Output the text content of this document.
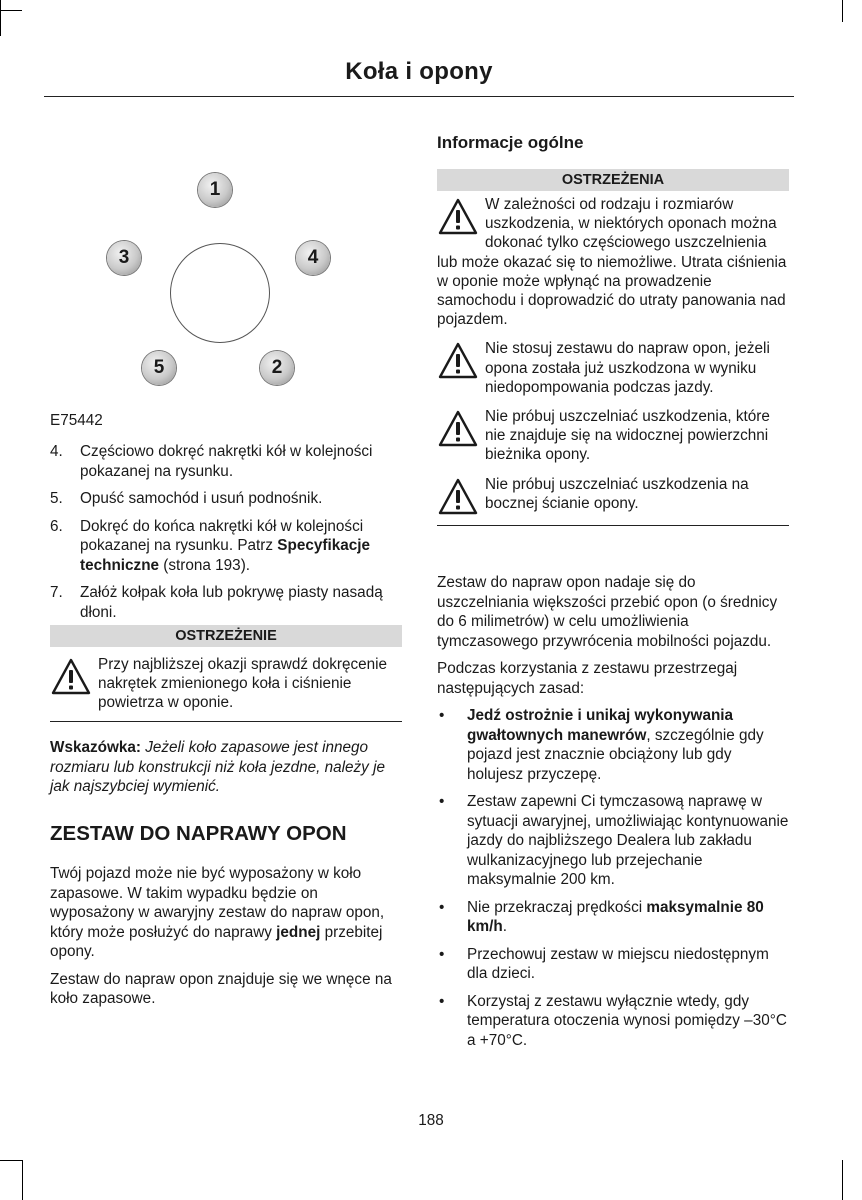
Koła i opony
1
4
3
5	2
E75442
4. Częściowo dokręć nakrętki kół w kolejności pokazanej na rysunku.
5. Opuść samochód i usuń podnośnik.
6. Dokręć do końca nakrętki kół w kolejności pokazanej na rysunku. Patrz Specyfikacje techniczne (strona 193).
7. Załóż kołpak koła lub pokrywę piasty nasadą dłoni.
OSTRZEŻENIE
Przy najbliższej okazji sprawdź dokręcenie nakrętek zmienionego koła i ciśnienie powietrza w oponie.
Wskazówka: Jeżeli koło zapasowe jest innego rozmiaru lub konstrukcji niż koła jezdne, należy je jak najszybciej wymienić.
ZESTAW DO NAPRAWY OPON

Twój pojazd może nie być wyposażony w koło zapasowe. W takim wypadku będzie on wyposażony w awaryjny zestaw do napraw opon, który może posłużyć do naprawy jednej przebitej opony.

Zestaw do napraw opon znajduje się we wnęce na koło zapasowe.

Informacje ogólne
OSTRZEŻENIA
W zależności od rodzaju i rozmiarów uszkodzenia, w niektórych oponach można dokonać tylko częściowego uszczelnienia lub może okazać się to niemożliwe. Utrata ciśnienia w oponie może wpłynąć na prowadzenie samochodu i doprowadzić do utraty panowania nad pojazdem.
Nie stosuj zestawu do napraw opon, jeżeli opona została już uszkodzona w wyniku niedopompowania podczas jazdy.
Nie próbuj uszczelniać uszkodzenia, które nie znajduje się na widocznej powierzchni bieżnika opony.
Nie próbuj uszczelniać uszkodzenia na bocznej ścianie opony.

Zestaw do napraw opon nadaje się do uszczelniania większości przebić opon (o średnicy do 6 milimetrów) w celu umożliwienia tymczasowego przywrócenia mobilności pojazdu.

Podczas korzystania z zestawu przestrzegaj następujących zasad:

• Jedź ostrożnie i unikaj wykonywania gwałtownych manewrów, szczególnie gdy pojazd jest znacznie obciążony lub gdy holujesz przyczepę.
• Zestaw zapewni Ci tymczasową naprawę w sytuacji awaryjnej, umożliwiając kontynuowanie jazdy do najbliższego Dealera lub zakładu wulkanizacyjnego lub przejechanie maksymalnie 200 km.
• Nie przekraczaj prędkości maksymalnie 80 km/h.
• Przechowuj zestaw w miejscu niedostępnym dla dzieci.
• Korzystaj z zestawu wyłącznie wtedy, gdy temperatura otoczenia wynosi pomiędzy –30°C a +70°C.
188
